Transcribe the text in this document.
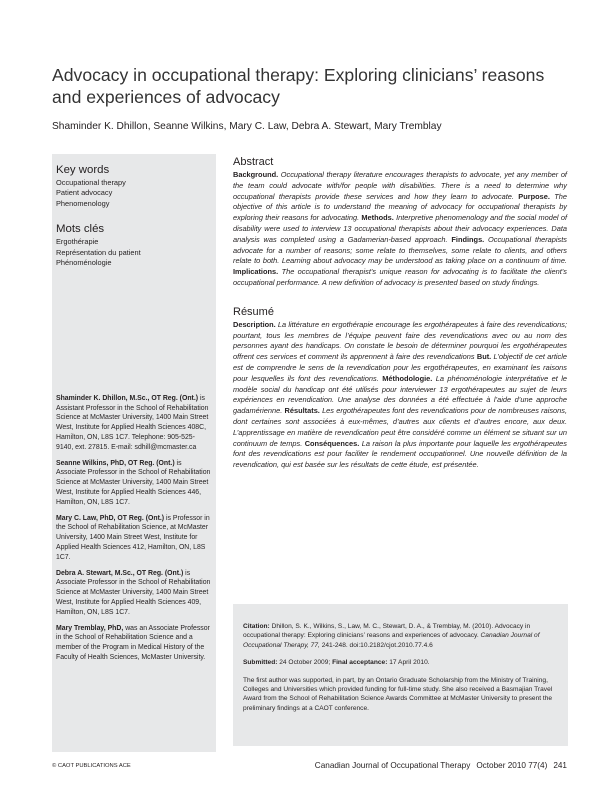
Advocacy in occupational therapy: Exploring clinicians’ reasons and experiences of advocacy
Shaminder K. Dhillon, Seanne Wilkins, Mary C. Law, Debra A. Stewart, Mary Tremblay
Key words
Occupational therapy
Patient advocacy
Phenomenology
Mots clés
Ergothérapie
Représentation du patient
Phénoménologie

Shaminder K. Dhillon, M.Sc., OT Reg. (Ont.) is Assistant Professor in the School of Rehabilitation Science at McMaster University, 1400 Main Street West, Institute for Applied Health Sciences 408C, Hamilton, ON, L8S 1C7. Telephone: 905-525-9140, ext. 27815. E-mail: sdhill@mcmaster.ca

Seanne Wilkins, PhD, OT Reg. (Ont.) is Associate Professor in the School of Rehabilitation Science at McMaster University, 1400 Main Street West, Institute for Applied Health Sciences 446, Hamilton, ON, L8S 1C7.

Mary C. Law, PhD, OT Reg. (Ont.) is Professor in the School of Rehabilitation Science, at McMaster University, 1400 Main Street West, Institute for Applied Health Sciences 412, Hamilton, ON, L8S 1C7.

Debra A. Stewart, M.Sc., OT Reg. (Ont.) is Associate Professor in the School of Rehabilitation Science at McMaster University, 1400 Main Street West, Institute for Applied Health Sciences 409, Hamilton, ON, L8S 1C7.

Mary Tremblay, PhD, was an Associate Professor in the School of Rehabilitation Science and a member of the Program in Medical History of the Faculty of Health Sciences, McMaster University.

Abstract

Background. Occupational therapy literature encourages therapists to advocate, yet any member of the team could advocate with/for people with disabilities. There is a need to determine why occupational therapists provide these services and how they learn to advocate. Purpose. The objective of this article is to understand the meaning of advocacy for occupational therapists by exploring their reasons for advocating. Methods. Interpretive phenomenology and the social model of disability were used to interview 13 occupational therapists about their advocacy experiences. Data analysis was completed using a Gadamerian-based approach. Findings. Occupational therapists advocate for a number of reasons; some relate to themselves, some relate to clients, and others relate to both. Learning about advocacy may be understood as taking place on a continuum of time. Implications. The occupational therapist’s unique reason for advocating is to facilitate the client’s occupational performance. A new definition of advocacy is presented based on study findings.

Résumé

Description. La littérature en ergothérapie encourage les ergothérapeutes à faire des revendications; pourtant, tous les membres de l’équipe peuvent faire des revendications avec ou au nom des personnes ayant des handicaps. On constate le besoin de déterminer pourquoi les ergothérapeutes offrent ces services et comment ils apprennent à faire des revendications But. L’objectif de cet article est de comprendre le sens de la revendication pour les ergothérapeutes, en examinant les raisons pour lesquelles ils font des revendications. Méthodologie. La phénoménologie interprétative et le modèle social du handicap ont été utilisés pour interviewer 13 ergothérapeutes au sujet de leurs expériences en revendication. Une analyse des données a été effectuée à l’aide d’une approche gadamérienne. Résultats. Les ergothérapeutes font des revendications pour de nombreuses raisons, dont certaines sont associées à eux-mêmes, d’autres aux clients et d’autres encore, aux deux. L’apprentissage en matière de revendication peut être considéré comme un élément se situant sur un continuum de temps. Conséquences. La raison la plus importante pour laquelle les ergothérapeutes font des revendications est pour faciliter le rendement occupationnel. Une nouvelle définition de la revendication, qui est basée sur les résultats de cette étude, est présentée.

Citation: Dhillon, S. K., Wilkins, S., Law, M. C., Stewart, D. A., & Tremblay, M. (2010). Advocacy in occupational therapy: Exploring clinicians’ reasons and experiences of advocacy. Canadian Journal of Occupational Therapy, 77, 241-248. doi:10.2182/cjot.2010.77.4.6

Submitted: 24 October 2009; Final acceptance: 17 April 2010.

The first author was supported, in part, by an Ontario Graduate Scholarship from the Ministry of Training, Colleges and Universities which provided funding for full-time study. She also received a Basmajian Travel Award from the School of Rehabilitation Science Awards Committee at McMaster University to present the preliminary findings at a CAOT conference.

© CAOT PUBLICATIONS ACE	Canadian Journal of Occupational Therapy October 2010 77(4) 241
